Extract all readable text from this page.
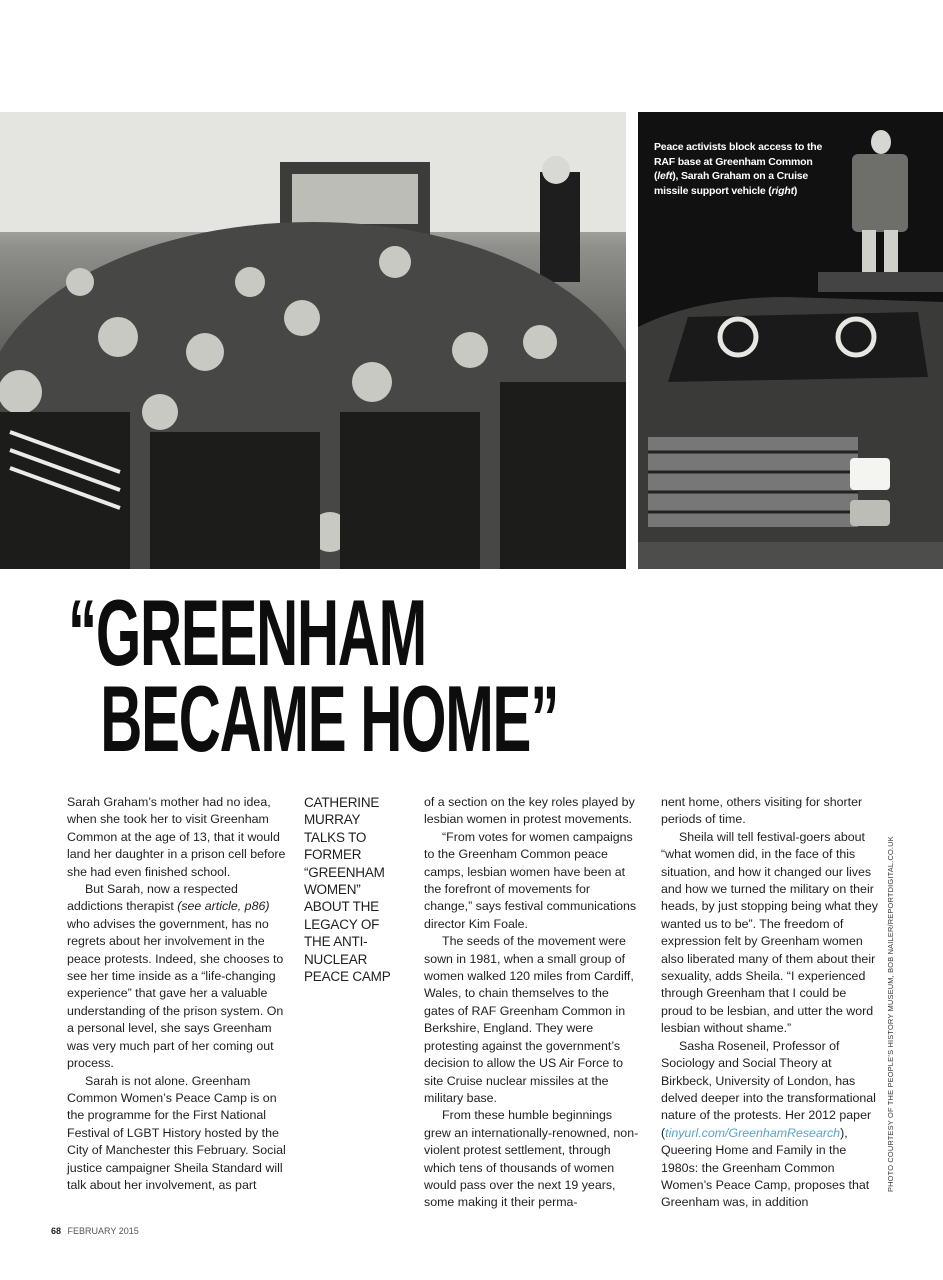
Peace activists block access to the RAF base at Greenham Common (left), Sarah Graham on a Cruise missile support vehicle (right)
“GREENHAM
BECAME HOME”

Sarah Graham’s mother had no idea, when she took her to visit Greenham Common at the age of 13, that it would land her daughter in a prison cell before she had even finished school.

But Sarah, now a respected addictions therapist (see article, p86) who advises the government, has no regrets about her involvement in the peace protests. Indeed, she chooses to see her time inside as a “life-changing experience” that gave her a valuable understanding of the prison system. On a personal level, she says Greenham was very much part of her coming out process.

Sarah is not alone. Greenham Common Women’s Peace Camp is on the programme for the First National Festival of LGBT History hosted by the City of Manchester this February. Social justice campaigner Sheila Standard will talk about her involvement, as part

CATHERINE MURRAY TALKS TO FORMER “GREENHAM WOMEN” ABOUT THE LEGACY OF THE ANTI-NUCLEAR PEACE CAMP

of a section on the key roles played by lesbian women in protest movements.

“From votes for women campaigns to the Greenham Common peace camps, lesbian women have been at the forefront of movements for change,” says festival communications director Kim Foale.

The seeds of the movement were sown in 1981, when a small group of women walked 120 miles from Cardiff, Wales, to chain themselves to the gates of RAF Greenham Common in Berkshire, England. They were protesting against the government’s decision to allow the US Air Force to site Cruise nuclear missiles at the military base.

From these humble beginnings grew an internationally-renowned, non-violent protest settlement, through which tens of thousands of women would pass over the next 19 years, some making it their perma-

nent home, others visiting for shorter periods of time.

Sheila will tell festival-goers about “what women did, in the face of this situation, and how it changed our lives and how we turned the military on their heads, by just stopping being what they wanted us to be”. The freedom of expression felt by Greenham women also liberated many of them about their sexuality, adds Sheila. “I experienced through Greenham that I could be proud to be lesbian, and utter the word lesbian without shame.”

Sasha Roseneil, Professor of Sociology and Social Theory at Birkbeck, University of London, has delved deeper into the transformational nature of the protests. Her 2012 paper (tinyurl.com/GreenhamResearch), Queering Home and Family in the 1980s: the Greenham Common Women’s Peace Camp, proposes that Greenham was, in addition

PHOTO COURTESY OF THE PEOPLE’S HISTORY MUSEUM, BOB NAILER/REPORTDIGITAL.CO.UK
68 FEBRUARY 2015
